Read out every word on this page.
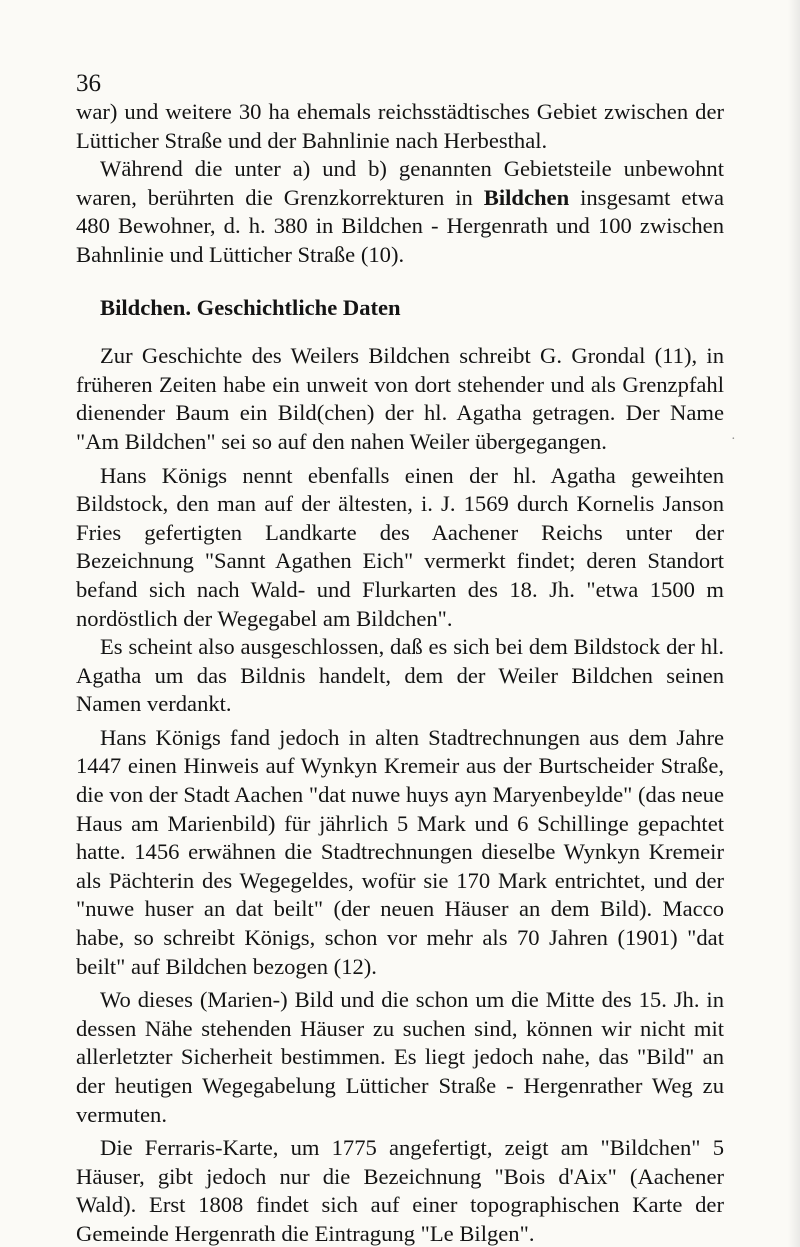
36

war) und weitere 30 ha ehemals reichsstädtisches Gebiet zwischen der Lütticher Straße und der Bahnlinie nach Herbesthal.

Während die unter a) und b) genannten Gebietsteile unbewohnt waren, berührten die Grenzkorrekturen in Bildchen insgesamt etwa 480 Bewohner, d. h. 380 in Bildchen - Hergenrath und 100 zwischen Bahnlinie und Lütticher Straße (10).

Bildchen. Geschichtliche Daten

Zur Geschichte des Weilers Bildchen schreibt G. Grondal (11), in früheren Zeiten habe ein unweit von dort stehender und als Grenzpfahl dienender Baum ein Bild(chen) der hl. Agatha getragen. Der Name "Am Bildchen" sei so auf den nahen Weiler übergegangen.

Hans Königs nennt ebenfalls einen der hl. Agatha geweihten Bildstock, den man auf der ältesten, i. J. 1569 durch Kornelis Janson Fries gefertigten Landkarte des Aachener Reichs unter der Bezeichnung "Sannt Agathen Eich" vermerkt findet; deren Standort befand sich nach Wald- und Flurkarten des 18. Jh. "etwa 1500 m nordöstlich der Wegegabel am Bildchen".

Es scheint also ausgeschlossen, daß es sich bei dem Bildstock der hl. Agatha um das Bildnis handelt, dem der Weiler Bildchen seinen Namen verdankt.

Hans Königs fand jedoch in alten Stadtrechnungen aus dem Jahre 1447 einen Hinweis auf Wynkyn Kremeir aus der Burtscheider Straße, die von der Stadt Aachen "dat nuwe huys ayn Maryenbeylde" (das neue Haus am Marienbild) für jährlich 5 Mark und 6 Schillinge gepachtet hatte. 1456 erwähnen die Stadtrechnungen dieselbe Wynkyn Kremeir als Pächterin des Wegegeldes, wofür sie 170 Mark entrichtet, und der "nuwe huser an dat beilt" (der neuen Häuser an dem Bild). Macco habe, so schreibt Königs, schon vor mehr als 70 Jahren (1901) "dat beilt" auf Bildchen bezogen (12).

Wo dieses (Marien-) Bild und die schon um die Mitte des 15. Jh. in dessen Nähe stehenden Häuser zu suchen sind, können wir nicht mit allerletzter Sicherheit bestimmen. Es liegt jedoch nahe, das "Bild" an der heutigen Wegegabelung Lütticher Straße - Hergenrather Weg zu vermuten.

Die Ferraris-Karte, um 1775 angefertigt, zeigt am "Bildchen" 5 Häuser, gibt jedoch nur die Bezeichnung "Bois d'Aix" (Aachener Wald). Erst 1808 findet sich auf einer topographischen Karte der Gemeinde Hergenrath die Eintragung "Le Bilgen".

·
